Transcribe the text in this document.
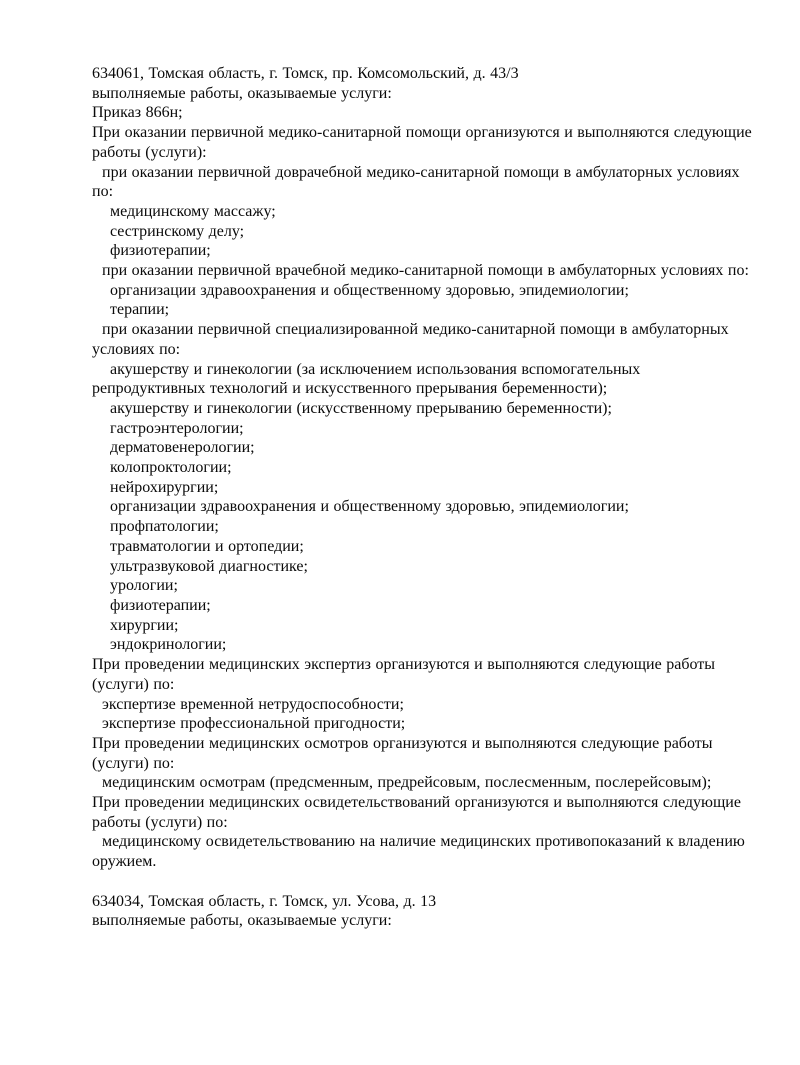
634061, Томская область, г. Томск, пр. Комсомольский, д. 43/3

выполняемые работы, оказываемые услуги:

Приказ 866н;

При оказании первичной медико-санитарной помощи организуются и выполняются следующие работы (услуги):

при оказании первичной доврачебной медико-санитарной помощи в амбулаторных условиях по:

медицинскому массажу;

сестринскому делу;

физиотерапии;

при оказании первичной врачебной медико-санитарной помощи в амбулаторных условиях по:

организации здравоохранения и общественному здоровью, эпидемиологии;

терапии;

при оказании первичной специализированной медико-санитарной помощи в амбулаторных условиях по:

акушерству и гинекологии (за исключением использования вспомогательных репродуктивных технологий и искусственного прерывания беременности);

акушерству и гинекологии (искусственному прерыванию беременности);

гастроэнтерологии;

дерматовенерологии;

колопроктологии;

нейрохирургии;

организации здравоохранения и общественному здоровью, эпидемиологии;

профпатологии;

травматологии и ортопедии;

ультразвуковой диагностике;

урологии;

физиотерапии;

хирургии;

эндокринологии;

При проведении медицинских экспертиз организуются и выполняются следующие работы (услуги) по:

экспертизе временной нетрудоспособности;

экспертизе профессиональной пригодности;

При проведении медицинских осмотров организуются и выполняются следующие работы (услуги) по:

медицинским осмотрам (предсменным, предрейсовым, послесменным, послерейсовым);

При проведении медицинских освидетельствований организуются и выполняются следующие работы (услуги) по:

медицинскому освидетельствованию на наличие медицинских противопоказаний к владению оружием.

634034, Томская область, г. Томск, ул. Усова, д. 13

выполняемые работы, оказываемые услуги:
